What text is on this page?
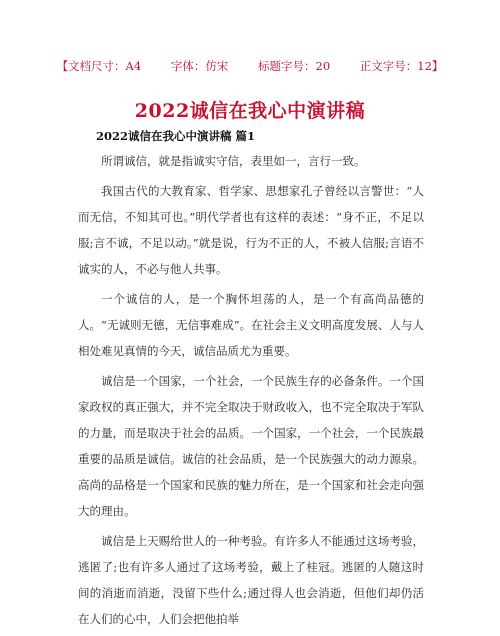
【文档尺寸：A4	字体：仿宋	标题字号：20	正文字号：12】
2022诚信在我心中演讲稿
2022诚信在我心中演讲稿 篇1

所谓诚信，就是指诚实守信，表里如一，言行一致。

我国古代的大教育家、哲学家、思想家孔子曾经以言警世：“人而无信，不知其可也。”明代学者也有这样的表述：“身不正，不足以服;言不诚，不足以动。”就是说，行为不正的人，不被人信服;言语不诚实的人，不必与他人共事。

一个诚信的人，是一个胸怀坦荡的人，是一个有高尚品德的人。“无诚则无德，无信事难成”。在社会主义文明高度发展、人与人相处难见真情的今天，诚信品质尤为重要。

诚信是一个国家，一个社会，一个民族生存的必备条件。一个国家政权的真正强大，并不完全取决于财政收入，也不完全取决于军队的力量，而是取决于社会的品质。一个国家，一个社会，一个民族最重要的品质是诚信。诚信的社会品质，是一个民族强大的动力源泉。高尚的品格是一个国家和民族的魅力所在，是一个国家和社会走向强大的理由。

诚信是上天赐给世人的一种考验。有许多人不能通过这场考验，逃匿了;也有许多人通过了这场考验，戴上了桂冠。逃匿的人随这时间的消逝而消逝，没留下些什么;通过得人也会消逝，但他们却仍活在人们的心中，人们会把他拍举
